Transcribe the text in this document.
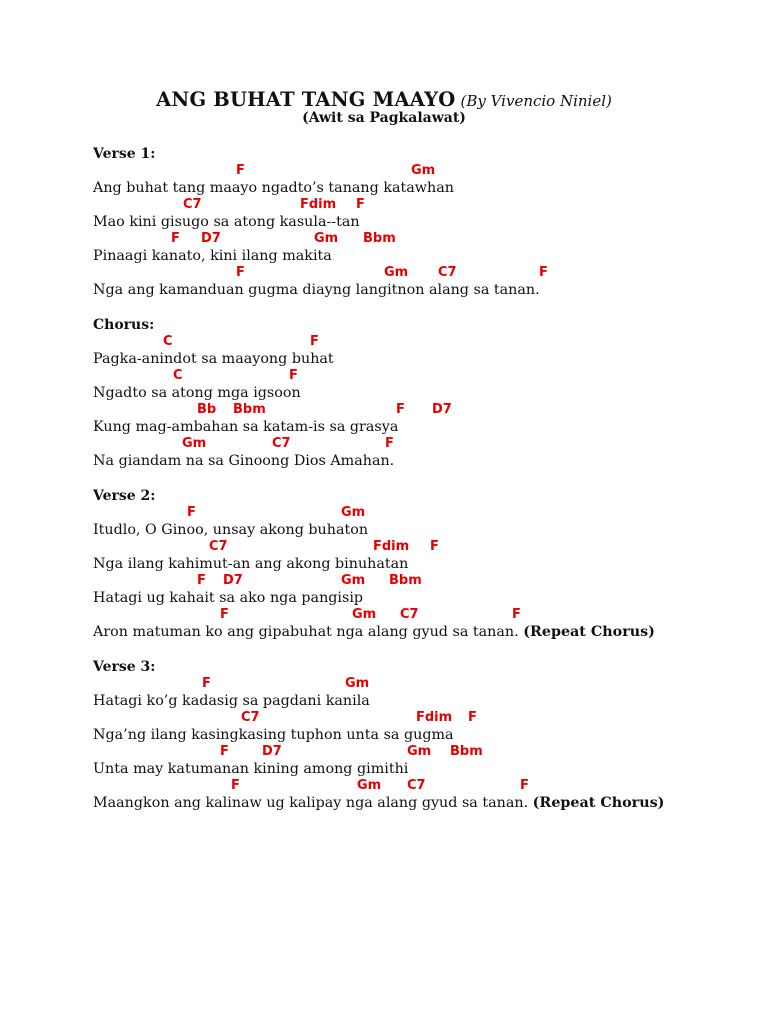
ANG BUHAT TANG MAAYO (By Vivencio Niniel)
(Awit sa Pagkalawat)
Verse 1:
F	Gm
Ang buhat tang maayo ngadto’s tanang katawhan
C7	Fdim F
Mao kini gisugo sa atong kasula--tan
F D7	Gm Bbm
Pinaagi kanato, kini ilang makita
F	Gm C7	F
Nga ang kamanduan gugma diayng langitnon alang sa tanan.
Chorus:
C	F
Pagka-anindot sa maayong buhat
C	F
Ngadto sa atong mga igsoon
Bb Bbm	F D7
Kung mag-ambahan sa katam-is sa grasya
Gm	C7	F
Na giandam na sa Ginoong Dios Amahan.
Verse 2:
F	Gm
Itudlo, O Ginoo, unsay akong buhaton
C7	Fdim F
Nga ilang kahimut-an ang akong binuhatan
F D7	Gm Bbm
Hatagi ug kahait sa ako nga pangisip
F	Gm C7	F
Aron matuman ko ang gipabuhat nga alang gyud sa tanan. (Repeat Chorus)
Verse 3:
F	Gm
Hatagi ko’g kadasig sa pagdani kanila
C7	Fdim F
Nga’ng ilang kasingkasing tuphon unta sa gugma
F	D7	Gm Bbm
Unta may katumanan kining among gimithi
F	Gm C7	F
Maangkon ang kalinaw ug kalipay nga alang gyud sa tanan. (Repeat Chorus)
